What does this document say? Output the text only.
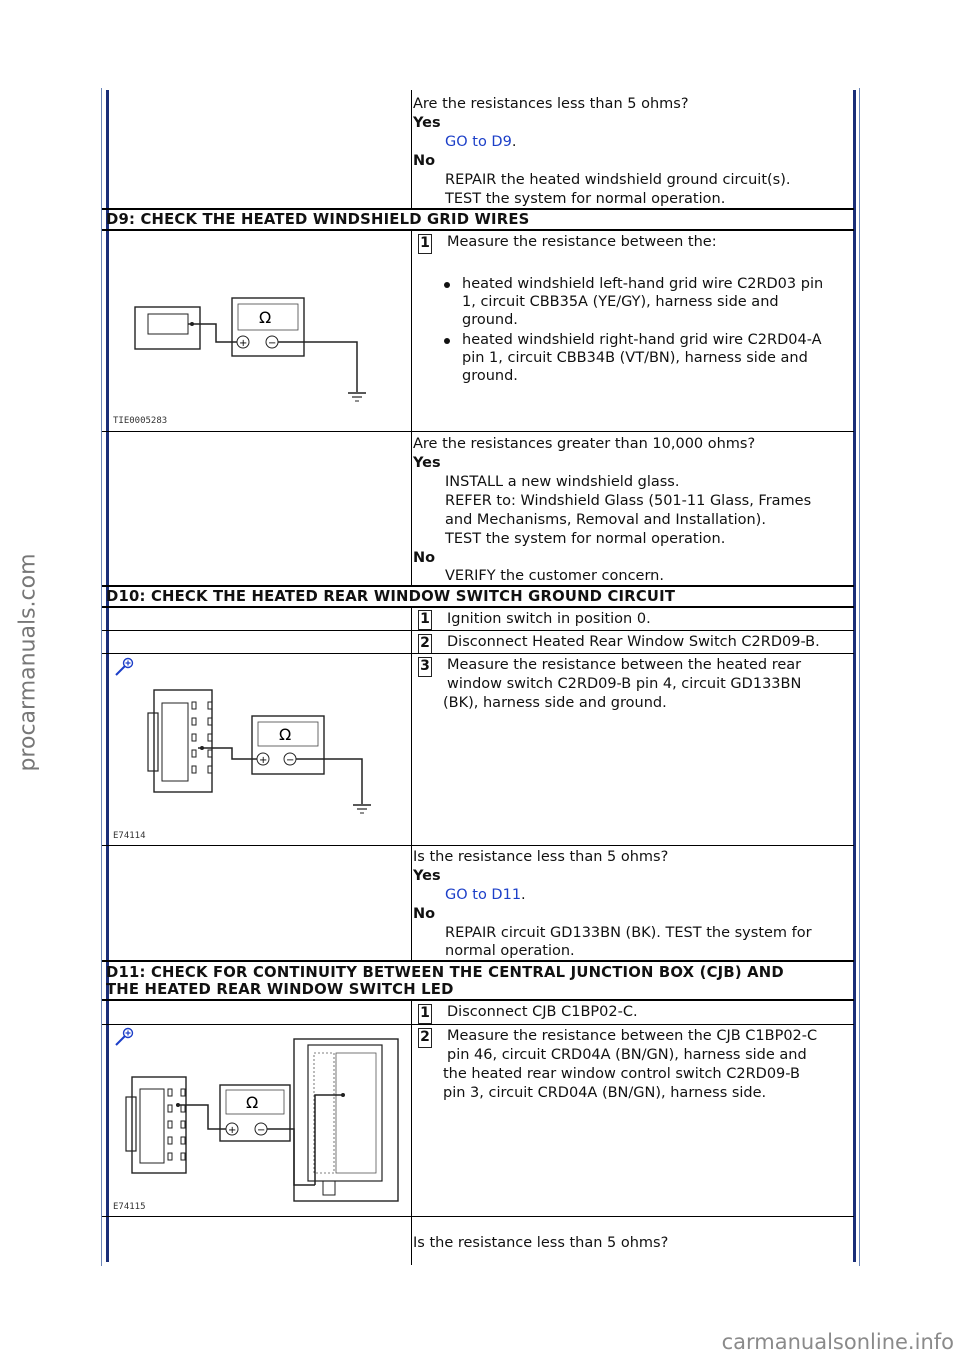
procarmanuals.com
Are the resistances less than 5 ohms?
Yes
GO to D9.
No
REPAIR the heated windshield ground circuit(s).
TEST the system for normal operation.
D9: CHECK THE HEATED WINDSHIELD GRID WIRES
Ω
+ −
TIE0005283
1 Measure the resistance between the:
heated windshield left-hand grid wire C2RD03 pin
1, circuit CBB35A (YE/GY), harness side and
ground.
heated windshield right-hand grid wire C2RD04-A
pin 1, circuit CBB34B (VT/BN), harness side and
ground.
Are the resistances greater than 10,000 ohms?
Yes
INSTALL a new windshield glass.
REFER to: Windshield Glass (501-11 Glass, Frames
and Mechanisms, Removal and Installation).
TEST the system for normal operation.
No
VERIFY the customer concern.
D10: CHECK THE HEATED REAR WINDOW SWITCH GROUND CIRCUIT
1 Ignition switch in position 0.
2 Disconnect Heated Rear Window Switch C2RD09-B.
Ω
+ −
E74114
3 Measure the resistance between the heated rear
window switch C2RD09-B pin 4, circuit GD133BN
(BK), harness side and ground.
Is the resistance less than 5 ohms?
Yes
GO to D11.
No
REPAIR circuit GD133BN (BK). TEST the system for
normal operation.
D11: CHECK FOR CONTINUITY BETWEEN THE CENTRAL JUNCTION BOX (CJB) AND
THE HEATED REAR WINDOW SWITCH LED
1 Disconnect CJB C1BP02-C.
Ω
+ −
E74115
2 Measure the resistance between the CJB C1BP02-C
pin 46, circuit CRD04A (BN/GN), harness side and
the heated rear window control switch C2RD09-B
pin 3, circuit CRD04A (BN/GN), harness side.
Is the resistance less than 5 ohms?
carmanualsonline.info
